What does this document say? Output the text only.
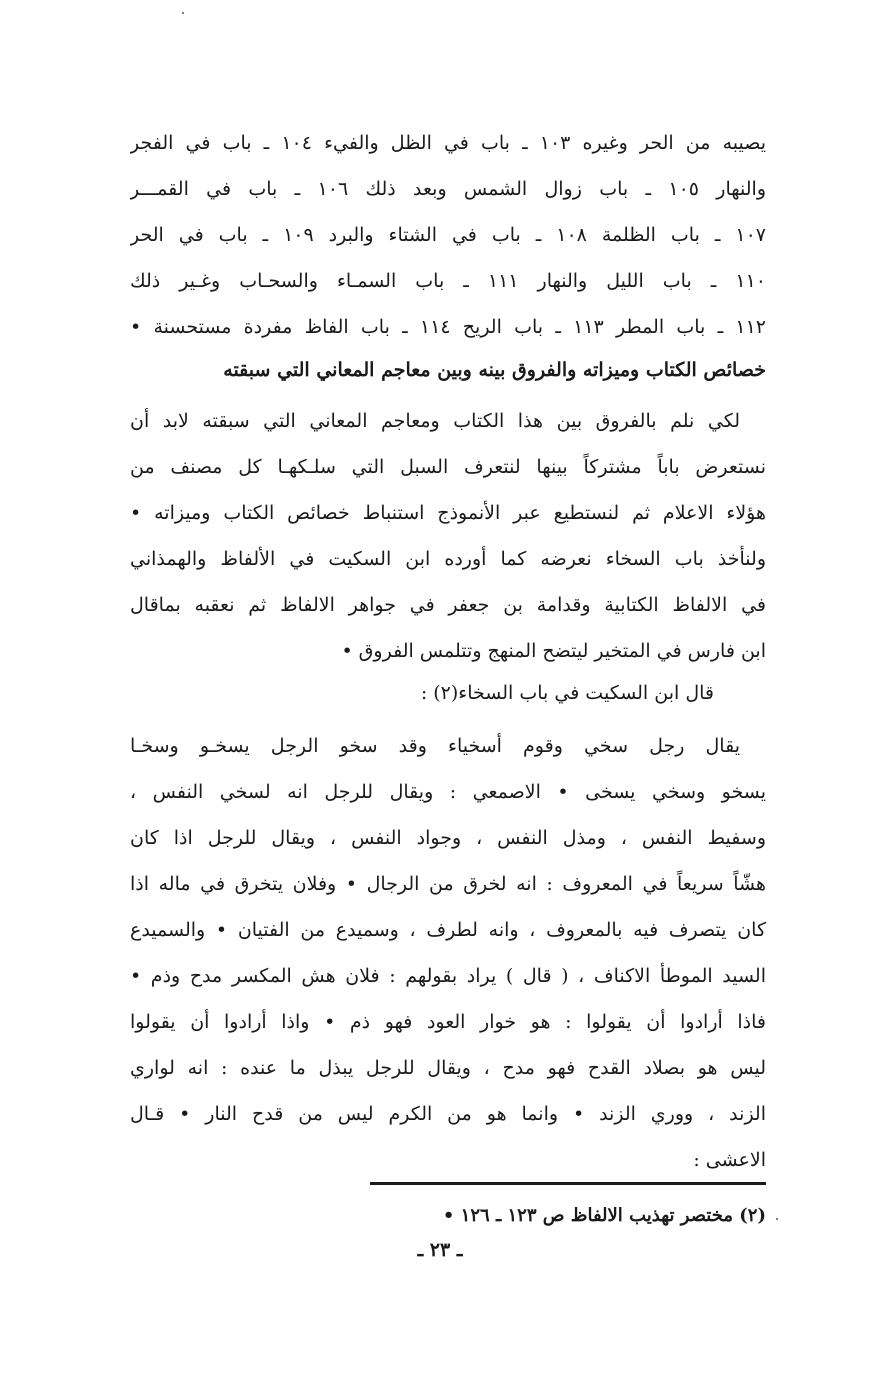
يصيبه من الحر وغيره ١٠٣ ـ باب في الظل والفيء ١٠٤ ـ باب في الفجر
والنهار ١٠٥ ـ باب زوال الشمس وبعد ذلك ١٠٦ ـ باب في القمـــر
١٠٧ ـ باب الظلمة ١٠٨ ـ باب في الشتاء والبرد ١٠٩ ـ باب في الحر
١١٠ ـ باب الليل والنهار ١١١ ـ باب السمـاء والسحـاب وغـير ذلك
١١٢ ـ باب المطر ١١٣ ـ باب الريح ١١٤ ـ باب الفاظ مفردة مستحسنة •
خصائص الكتاب وميزاته والفروق بينه وبين معاجم المعاني التي سبقته
لكي نلم بالفروق بين هذا الكتاب ومعاجم المعاني التي سبقته لابد أن
نستعرض باباً مشتركاً بينها لنتعرف السبل التي سلـكهـا كل مصنف من
هؤلاء الاعلام ثم لنستطيع عبر الأنموذج استنباط خصائص الكتاب وميزاته •
ولنأخذ باب السخاء نعرضه كما أورده ابن السكيت في الألفاظ والهمذاني
في الالفاظ الكتابية وقدامة بن جعفر في جواهر الالفاظ ثم نعقبه بماقال
ابن فارس في المتخير ليتضح المنهج وتتلمس الفروق •
قال ابن السكيت في باب السخاء(٢) :
يقال رجل سخي وقوم أسخياء وقد سخو الرجل يسخـو وسخـا
يسخو وسخي يسخى • الاصمعي : ويقال للرجل انه لسخي النفس ،
وسفيط النفس ، ومذل النفس ، وجواد النفس ، ويقال للرجل اذا كان
هشّاً سريعاً في المعروف : انه لخرق من الرجال • وفلان يتخرق في ماله اذا
كان يتصرف فيه بالمعروف ، وانه لطرف ، وسميدع من الفتيان • والسميدع
السيد الموطأ الاكناف ، ( قال ) يراد بقولهم : فلان هش المكسر مدح وذم •
فاذا أرادوا أن يقولوا : هو خوار العود فهو ذم • واذا أرادوا أن يقولوا
ليس هو بصلاد القدح فهو مدح ، ويقال للرجل يبذل ما عنده : انه لواري
الزند ، ووري الزند • وانما هو من الكرم ليس من قدح النار • قـال
الاعشى :
(٢) مختصر تهذيب الالفاظ ص ١٢٣ ـ ١٢٦ •
ـ ٢٣ ـ
